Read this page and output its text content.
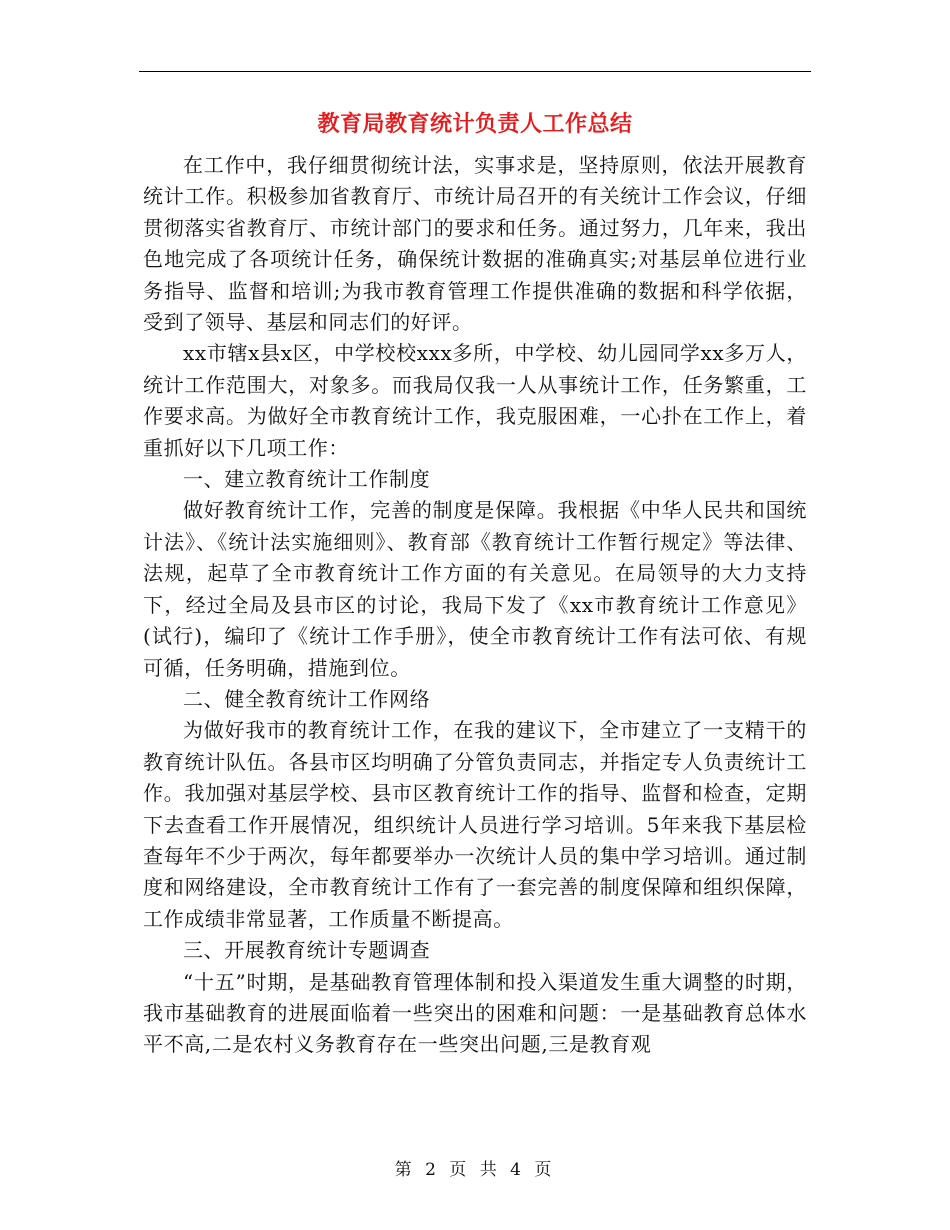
教育局教育统计负责人工作总结

在工作中，我仔细贯彻统计法，实事求是，坚持原则，依法开展教育统计工作。积极参加省教育厅、市统计局召开的有关统计工作会议，仔细贯彻落实省教育厅、市统计部门的要求和任务。通过努力，几年来，我出色地完成了各项统计任务，确保统计数据的准确真实;对基层单位进行业务指导、监督和培训;为我市教育管理工作提供准确的数据和科学依据，受到了领导、基层和同志们的好评。

xx市辖x县x区，中学校校xxx多所，中学校、幼儿园同学xx多万人，统计工作范围大，对象多。而我局仅我一人从事统计工作，任务繁重，工作要求高。为做好全市教育统计工作，我克服困难，一心扑在工作上，着重抓好以下几项工作：

一、建立教育统计工作制度

做好教育统计工作，完善的制度是保障。我根据《中华人民共和国统计法》、《统计法实施细则》、教育部《教育统计工作暂行规定》等法律、法规，起草了全市教育统计工作方面的有关意见。在局领导的大力支持下，经过全局及县市区的讨论，我局下发了《xx市教育统计工作意见》(试行)，编印了《统计工作手册》，使全市教育统计工作有法可依、有规可循，任务明确，措施到位。

二、健全教育统计工作网络

为做好我市的教育统计工作，在我的建议下，全市建立了一支精干的教育统计队伍。各县市区均明确了分管负责同志，并指定专人负责统计工作。我加强对基层学校、县市区教育统计工作的指导、监督和检查，定期下去查看工作开展情况，组织统计人员进行学习培训。5年来我下基层检查每年不少于两次，每年都要举办一次统计人员的集中学习培训。通过制度和网络建设，全市教育统计工作有了一套完善的制度保障和组织保障，工作成绩非常显著，工作质量不断提高。

三、开展教育统计专题调查

“十五”时期，是基础教育管理体制和投入渠道发生重大调整的时期，我市基础教育的进展面临着一些突出的困难和问题：一是基础教育总体水平不高,二是农村义务教育存在一些突出问题,三是教育观

第 2 页 共 4 页
